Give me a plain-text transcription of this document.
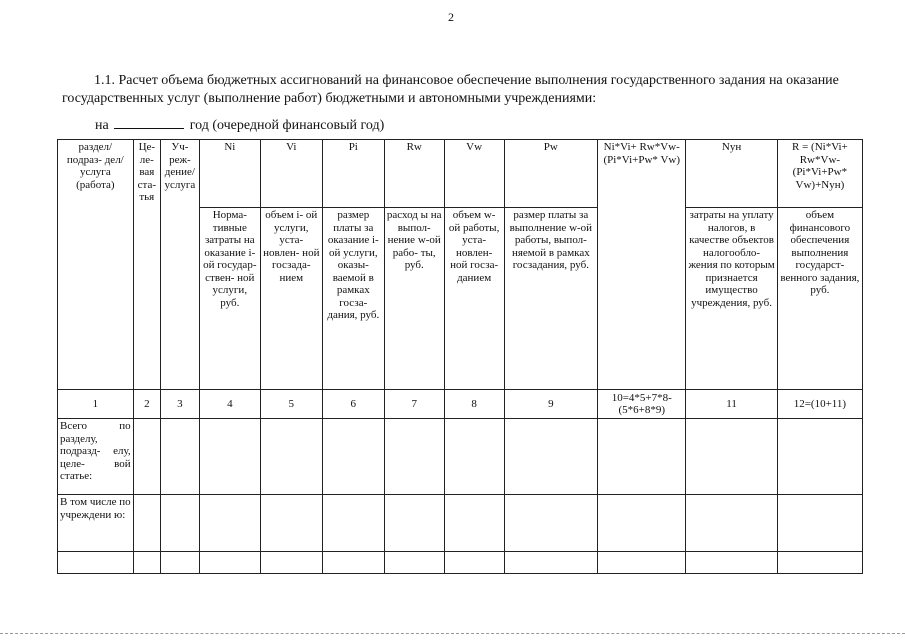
2
1.1. Расчет объема бюджетных ассигнований на финансовое обеспечение выполнения государственного задания на оказание государственных услуг (выполнение работ) бюджетными и автономными учреждениями:
на	год (очередной финансовый год)
раздел/ подраз- дел/услуга (работа)	Це- ле- вая ста- тья	Уч- реж- дение/ услуга	Ni	Vi	Pi	Rw	Vw	Pw	Ni*Vi+ Rw*Vw- (Pi*Vi+Pw* Vw)	Nун	R = (Ni*Vi+ Rw*Vw- (Pi*Vi+Pw* Vw)+Nун)
			Норма- тивные затраты на оказание i- ой государ- ствен- ной услуги, руб.	объем i- ой услуги, уста- новлен- ной госзада- нием	размер платы за оказание i-ой услуги, оказы- ваемой в рамках госза- дания, руб.	расход ы на выпол- нение w-ой рабо- ты, руб.	объем w- ой работы, уста- новлен- ной госза- данием	размер платы за выполнение w-ой работы, выпол- няемой в рамках госзадания, руб.		затраты на уплату налогов, в качестве объектов налогообло- жения по которым признается имущество учреждения, руб.	объем финансового обеспечения выполнения государст- венного задания, руб.
1	2	3	4	5	6	7	8	9	10=4*5+7*8- (5*6+8*9)	11	12=(10+11)
Всего по разделу, подразд- елу, целе- вой статье:											
В том числе по учреждени ю:											
